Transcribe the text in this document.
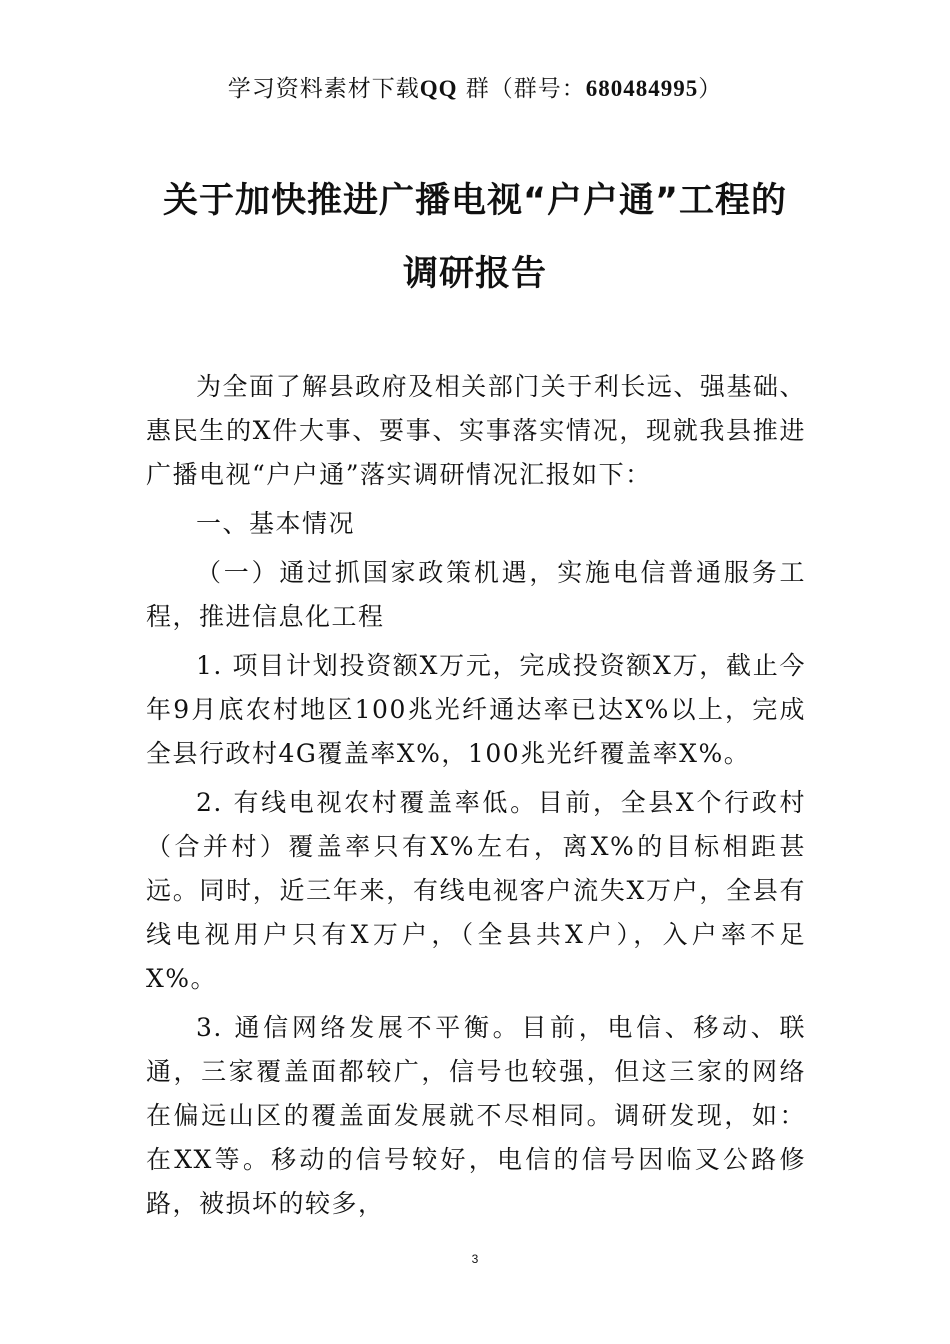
学习资料素材下载QQ 群（群号：680484995）
关于加快推进广播电视“户户通”工程的
调研报告

为全面了解县政府及相关部门关于利长远、强基础、惠民生的X件大事、要事、实事落实情况，现就我县推进广播电视“户户通”落实调研情况汇报如下：

一、基本情况

（一）通过抓国家政策机遇，实施电信普通服务工程，推进信息化工程

1. 项目计划投资额X万元，完成投资额X万，截止今年9月底农村地区100兆光纤通达率已达X%以上，完成全县行政村4G覆盖率X%，100兆光纤覆盖率X%。

2. 有线电视农村覆盖率低。目前，全县X个行政村（合并村）覆盖率只有X%左右，离X%的目标相距甚远。同时，近三年来，有线电视客户流失X万户，全县有线电视用户只有X万户，（全县共X户），入户率不足X%。

3. 通信网络发展不平衡。目前，电信、移动、联通，三家覆盖面都较广，信号也较强，但这三家的网络在偏远山区的覆盖面发展就不尽相同。调研发现，如：在XX等。移动的信号较好，电信的信号因临叉公路修路，被损坏的较多，

3
